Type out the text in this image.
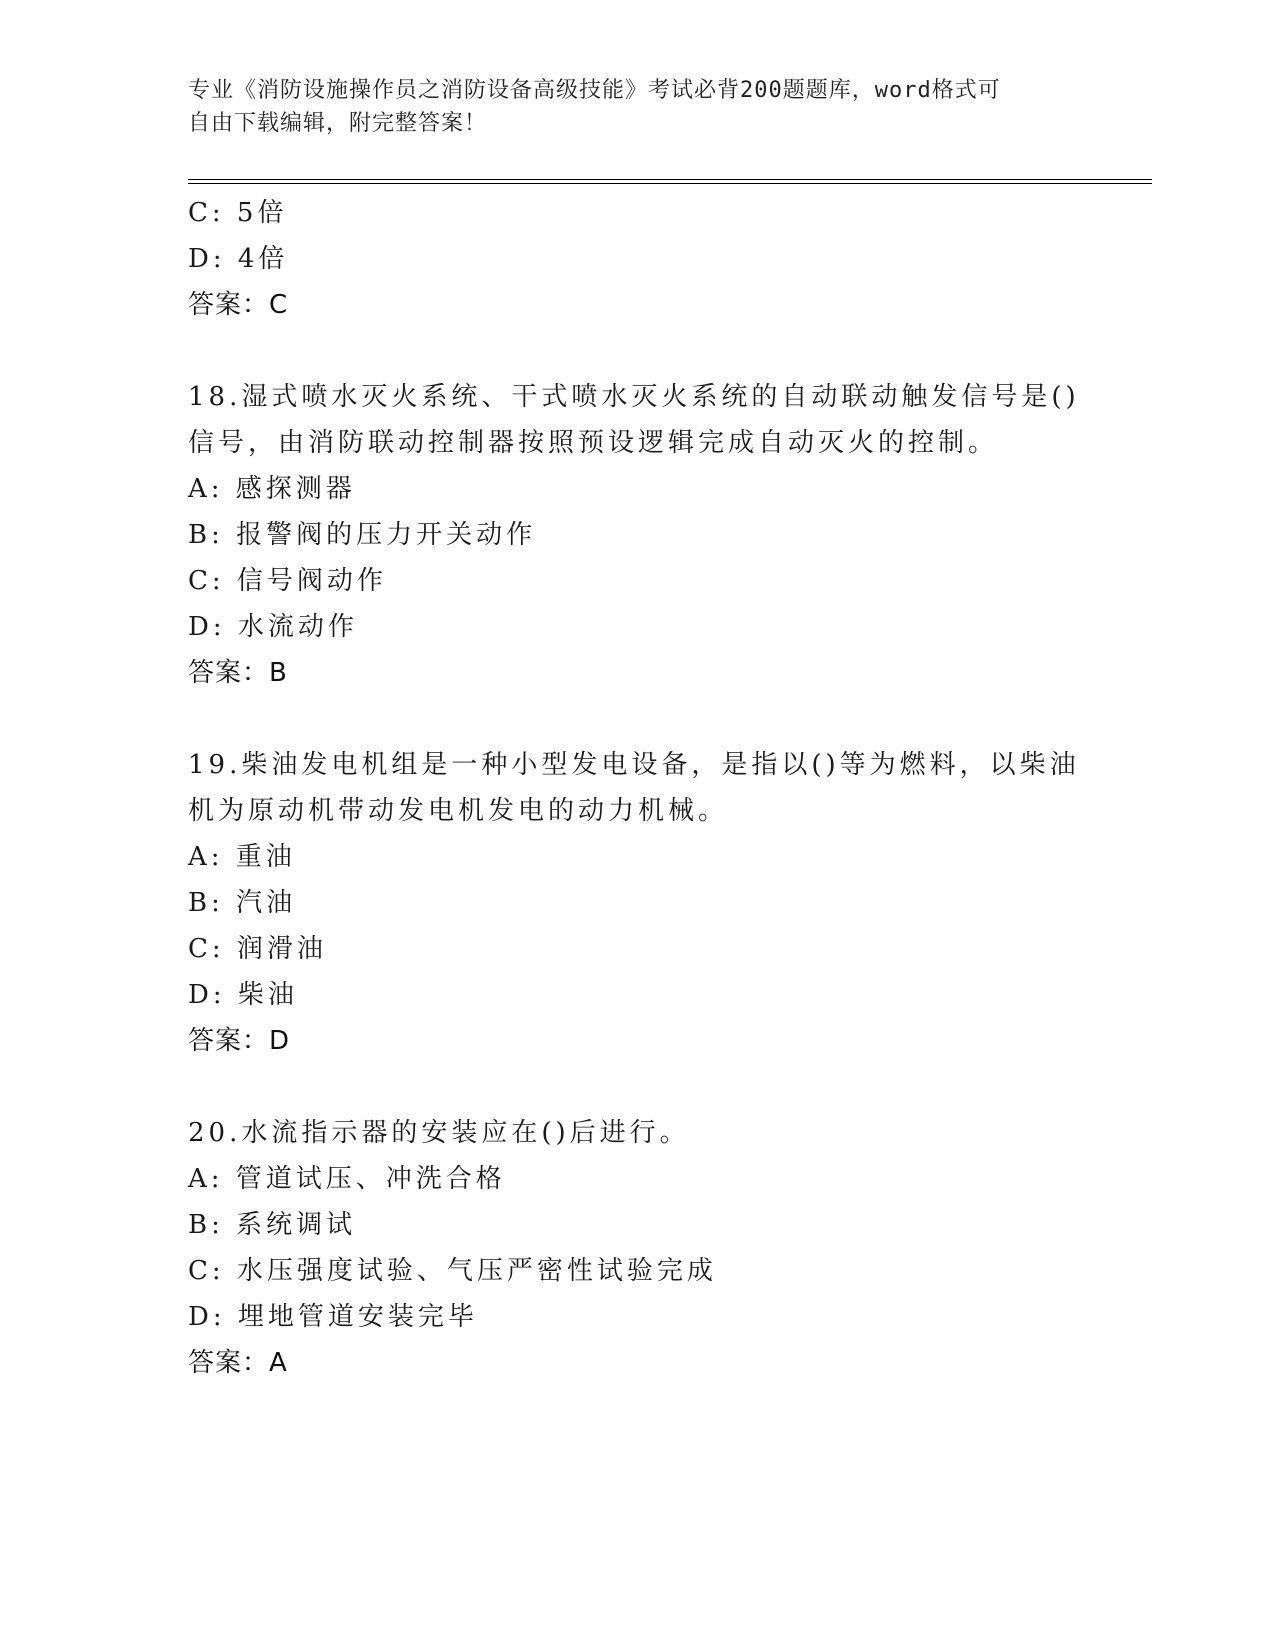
专业《消防设施操作员之消防设备高级技能》考试必背200题题库，word格式可
自由下载编辑，附完整答案！
C: 5倍
D: 4倍
答案：C
18.湿式喷水灭火系统、干式喷水灭火系统的自动联动触发信号是()
信号，由消防联动控制器按照预设逻辑完成自动灭火的控制。
A: 感探测器
B: 报警阀的压力开关动作
C: 信号阀动作
D: 水流动作
答案：B
19.柴油发电机组是一种小型发电设备，是指以()等为燃料，以柴油
机为原动机带动发电机发电的动力机械。
A: 重油
B: 汽油
C: 润滑油
D: 柴油
答案：D
20.水流指示器的安装应在()后进行。
A: 管道试压、冲洗合格
B: 系统调试
C: 水压强度试验、气压严密性试验完成
D: 埋地管道安装完毕
答案：A
